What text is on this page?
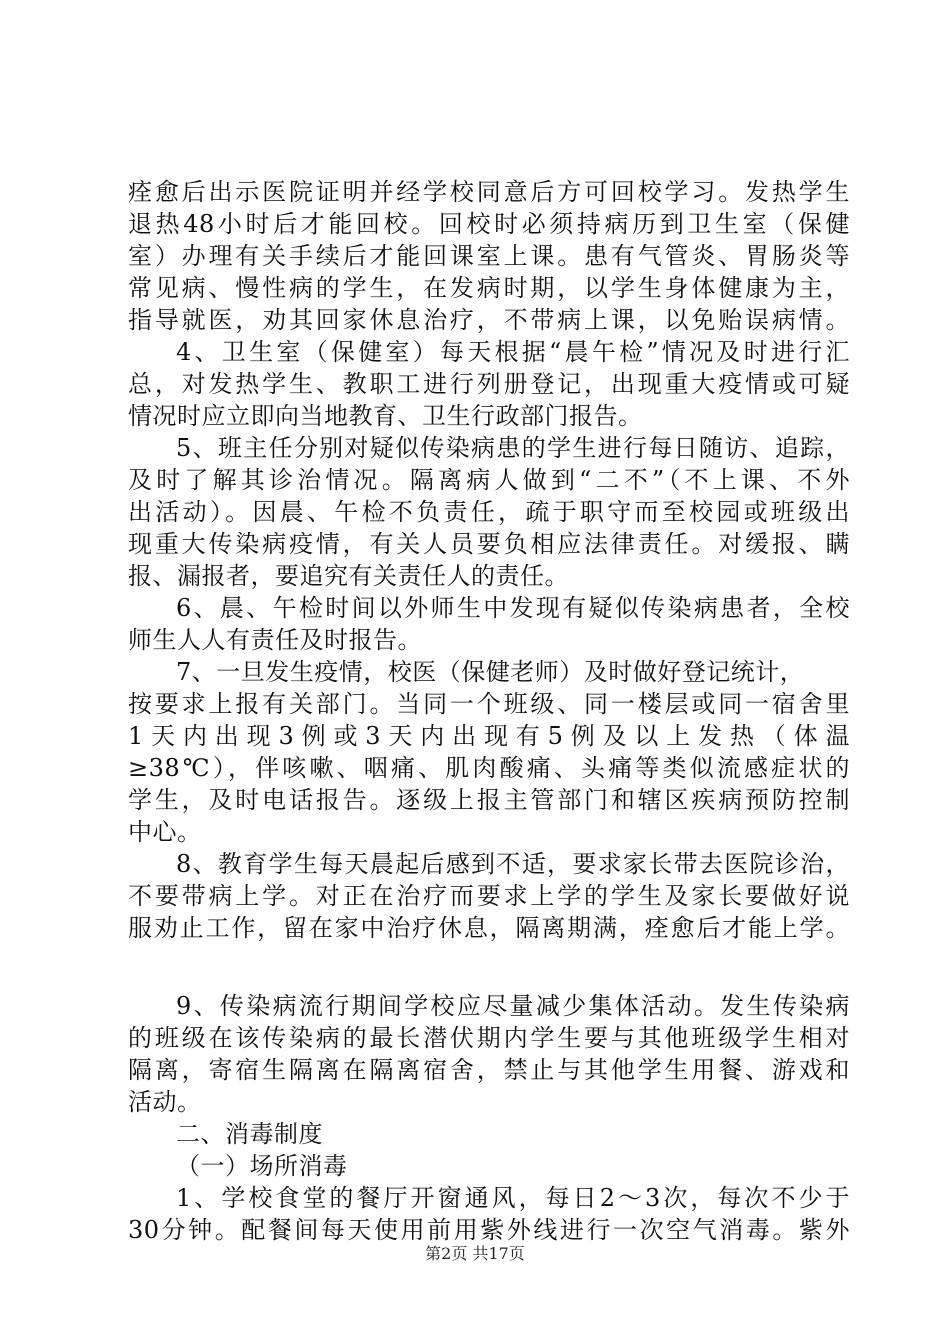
痊愈后出示医院证明并经学校同意后方可回校学习。发热学生
退热48小时后才能回校。回校时必须持病历到卫生室（保健
室）办理有关手续后才能回课室上课。患有气管炎、胃肠炎等
常见病、慢性病的学生，在发病时期，以学生身体健康为主，
指导就医，劝其回家休息治疗，不带病上课，以免贻误病情。
4、卫生室（保健室）每天根据“晨午检”情况及时进行汇
总，对发热学生、教职工进行列册登记，出现重大疫情或可疑
情况时应立即向当地教育、卫生行政部门报告。
5、班主任分别对疑似传染病患的学生进行每日随访、追踪，
及时了解其诊治情况。隔离病人做到“二不”（不上课、不外
出活动）。因晨、午检不负责任，疏于职守而至校园或班级出
现重大传染病疫情，有关人员要负相应法律责任。对缓报、瞒
报、漏报者，要追究有关责任人的责任。
6、晨、午检时间以外师生中发现有疑似传染病患者，全校
师生人人有责任及时报告。
7、一旦发生疫情，校医（保健老师）及时做好登记统计，
按要求上报有关部门。当同一个班级、同一楼层或同一宿舍里
1天内出现3例或3天内出现有5例及以上发热（体温
≥38℃），伴咳嗽、咽痛、肌肉酸痛、头痛等类似流感症状的
学生，及时电话报告。逐级上报主管部门和辖区疾病预防控制
中心。
8、教育学生每天晨起后感到不适，要求家长带去医院诊治，
不要带病上学。对正在治疗而要求上学的学生及家长要做好说
服劝止工作，留在家中治疗休息，隔离期满，痊愈后才能上学。
9、传染病流行期间学校应尽量减少集体活动。发生传染病
的班级在该传染病的最长潜伏期内学生要与其他班级学生相对
隔离，寄宿生隔离在隔离宿舍，禁止与其他学生用餐、游戏和
活动。
二、消毒制度
（一）场所消毒
1、学校食堂的餐厅开窗通风，每日2～3次，每次不少于
30分钟。配餐间每天使用前用紫外线进行一次空气消毒。紫外
第2页 共17页
